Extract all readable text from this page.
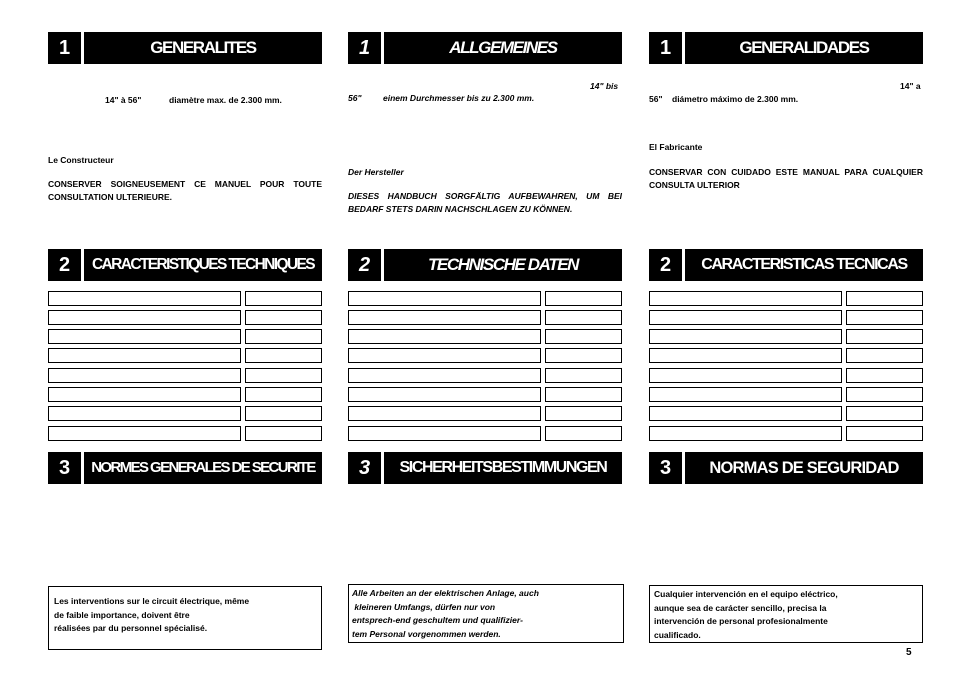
1	GENERALITES
14" à 56"	diamètre max. de 2.300 mm.
Le Constructeur
CONSERVER SOIGNEUSEMENT CE MANUEL POUR TOUTE CONSULTATION ULTERIEURE.
2	CARACTERISTIQUES TECHNIQUES
3	NORMES GENERALES DE SECURITE
Les interventions sur le circuit électrique, même
de faible importance, doivent être
réalisées par du personnel spécialisé.
1	ALLGEMEINES
14" bis
56"	einem Durchmesser bis zu 2.300 mm.
Der Hersteller
DIESES HANDBUCH SORGFÄLTIG AUFBEWAHREN, UM BEI BEDARF STETS DARIN NACHSCHLAGEN ZU KÖNNEN.
2	TECHNISCHE DATEN
3	SICHERHEITSBESTIMMUNGEN
Alle Arbeiten an der elektrischen Anlage, auch
kleineren Umfangs, dürfen nur von
entsprech-end geschultem und qualifizier-
tem Personal vorgenommen werden.
1	GENERALIDADES
14" a
56" diámetro máximo de 2.300 mm.
El Fabricante
CONSERVAR CON CUIDADO ESTE MANUAL PARA CUALQUIER CONSULTA ULTERIOR
2	CARACTERISTICAS TECNICAS
3	NORMAS DE SEGURIDAD
Cualquier intervención en el equipo eléctrico,
aunque sea de carácter sencillo, precisa la
intervención de personal profesionalmente
cualificado.
5
